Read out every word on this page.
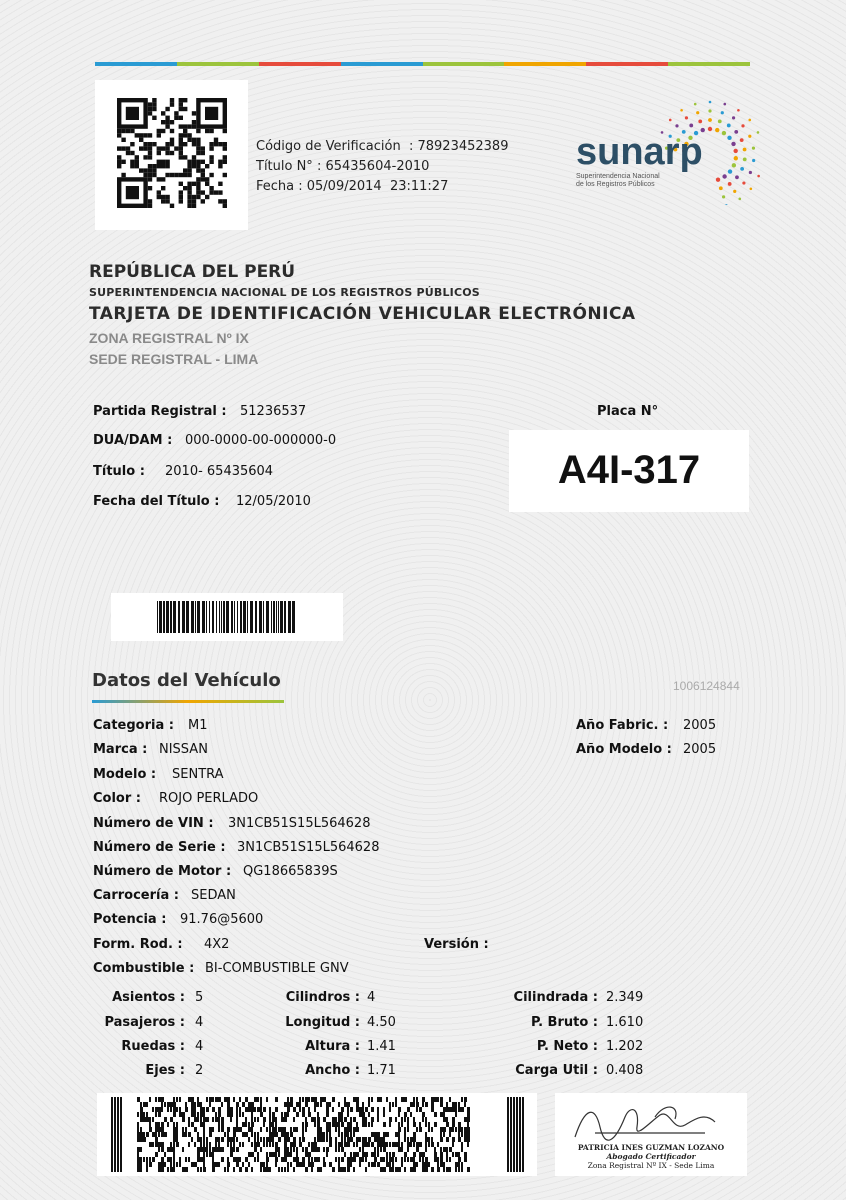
Código de Verificación  : 78923452389
Título N° : 65435604-2010
Fecha : 05/09/2014  23:11:27
sunarp
Superintendencia Nacional
de los Registros Públicos
REPÚBLICA DEL PERÚ
SUPERINTENDENCIA NACIONAL DE LOS REGISTROS PÚBLICOS
TARJETA DE IDENTIFICACIÓN VEHICULAR ELECTRÓNICA
ZONA REGISTRAL Nº IX
SEDE REGISTRAL - LIMA
Partida Registral : 51236537
DUA/DAM : 000-0000-00-000000-0
Título : 2010- 65435604
Fecha del Título : 12/05/2010
Placa N°
A4I-317
Datos del Vehículo	1006124844
Categoria : M1
Marca : NISSAN
Modelo : SENTRA
Color : ROJO PERLADO
Número de VIN : 3N1CB51S15L564628
Número de Serie : 3N1CB51S15L564628
Número de Motor : QG18665839S
Carrocería : SEDAN
Potencia : 91.76@5600
Form. Rod. : 4X2	Versión :
Combustible : BI-COMBUSTIBLE GNV
Año Fabric. : 2005
Año Modelo : 2005
Asientos : 5
Pasajeros : 4
Ruedas : 4
Ejes : 2
Cilindros : 4
Longitud : 4.50
Altura : 1.41
Ancho : 1.71
Cilindrada : 2.349
P. Bruto : 1.610
P. Neto : 1.202
Carga Util : 0.408
PATRICIA INES GUZMAN LOZANO
Abogado Certificador
Zona Registral Nº IX - Sede Lima
